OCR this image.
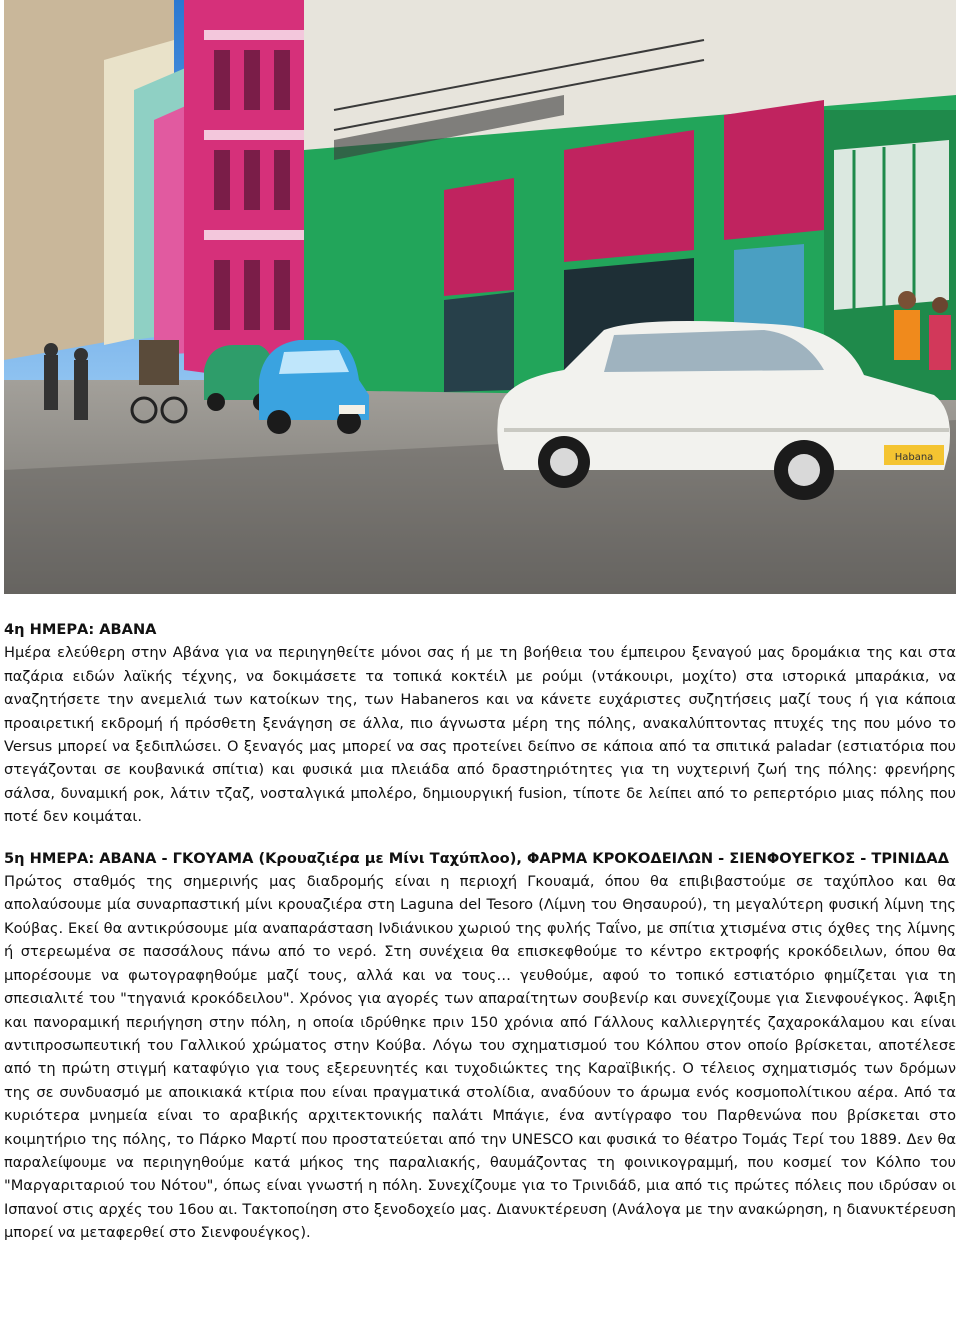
Habana

4η ΗΜΕΡΑ: ΑΒΑΝΑ

Ημέρα ελεύθερη στην Αβάνα για να περιηγηθείτε μόνοι σας ή με τη βοήθεια του έμπειρου ξεναγού μας δρομάκια της και στα παζάρια ειδών λαϊκής τέχνης, να δοκιμάσετε τα τοπικά κοκτέιλ με ρούμι (ντάκουιρι, μοχίτο) στα ιστορικά μπαράκια, να αναζητήσετε την ανεμελιά των κατοίκων της, των Habaneros και να κάνετε ευχάριστες συζητήσεις μαζί τους ή για κάποια προαιρετική εκδρομή ή πρόσθετη ξενάγηση σε άλλα, πιο άγνωστα μέρη της πόλης, ανακαλύπτοντας πτυχές της που μόνο το Versus μπορεί να ξεδιπλώσει. Ο ξεναγός μας μπορεί να σας προτείνει δείπνο σε κάποια από τα σπιτικά paladar (εστιατόρια που στεγάζονται σε κουβανικά σπίτια) και φυσικά μια πλειάδα από δραστηριότητες για τη νυχτερινή ζωή της πόλης: φρενήρης σάλσα, δυναμική ροκ, λάτιν τζαζ, νοσταλγικά μπολέρο, δημιουργική fusion, τίποτε δε λείπει από το ρεπερτόριο μιας πόλης που ποτέ δεν κοιμάται.

5η ΗΜΕΡΑ: ΑΒΑΝΑ - ΓΚΟΥΑΜΑ (Κρουαζιέρα με Μίνι Ταχύπλοο), ΦΑΡΜΑ ΚΡΟΚΟΔΕΙΛΩΝ - ΣΙΕΝΦΟΥΕΓΚΟΣ - ΤΡΙΝΙΔΑΔ

Πρώτος σταθμός της σημερινής μας διαδρομής είναι η περιοχή Γκουαμά, όπου θα επιβιβαστούμε σε ταχύπλοο και θα απολαύσουμε μία συναρπαστική μίνι κρουαζιέρα στη Laguna del Tesoro (Λίμνη του Θησαυρού), τη μεγαλύτερη φυσική λίμνη της Κούβας. Εκεί θα αντικρύσουμε μία αναπαράσταση Ινδιάνικου χωριού της φυλής Ταΐνο, με σπίτια χτισμένα στις όχθες της λίμνης ή στερεωμένα σε πασσάλους πάνω από το νερό. Στη συνέχεια θα επισκεφθούμε το κέντρο εκτροφής κροκόδειλων, όπου θα μπορέσουμε να φωτογραφηθούμε μαζί τους, αλλά και να τους… γευθούμε, αφού το τοπικό εστιατόριο φημίζεται για τη σπεσιαλιτέ του "τηγανιά κροκόδειλου". Χρόνος για αγορές των απαραίτητων σουβενίρ και συνεχίζουμε για Σιενφουέγκος. Άφιξη και πανοραμική περιήγηση στην πόλη, η οποία ιδρύθηκε πριν 150 χρόνια από Γάλλους καλλιεργητές ζαχαροκάλαμου και είναι αντιπροσωπευτική του Γαλλικού χρώματος στην Κούβα. Λόγω του σχηματισμού του Κόλπου στον οποίο βρίσκεται, αποτέλεσε από τη πρώτη στιγμή καταφύγιο για τους εξερευνητές και τυχοδιώκτες της Καραϊβικής. Ο τέλειος σχηματισμός των δρόμων της σε συνδυασμό με αποικιακά κτίρια που είναι πραγματικά στολίδια, αναδύουν το άρωμα ενός κοσμοπολίτικου αέρα. Από τα κυριότερα μνημεία είναι το αραβικής αρχιτεκτονικής παλάτι Μπάγιε, ένα αντίγραφο του Παρθενώνα που βρίσκεται στο κοιμητήριο της πόλης, το Πάρκο Μαρτί που προστατεύεται από την UNESCO και φυσικά το θέατρο Τομάς Τερί του 1889. Δεν θα παραλείψουμε να περιηγηθούμε κατά μήκος της παραλιακής, θαυμάζοντας τη φοινικογραμμή, που κοσμεί τον Κόλπο του "Μαργαριταριού του Νότου", όπως είναι γνωστή η πόλη. Συνεχίζουμε για το Τρινιδάδ, μια από τις πρώτες πόλεις που ιδρύσαν οι Ισπανοί στις αρχές του 16ου αι. Τακτοποίηση στο ξενοδοχείο μας. Διανυκτέρευση (Ανάλογα με την ανακώρηση, η διανυκτέρευση μπορεί να μεταφερθεί στο Σιενφουέγκος).
